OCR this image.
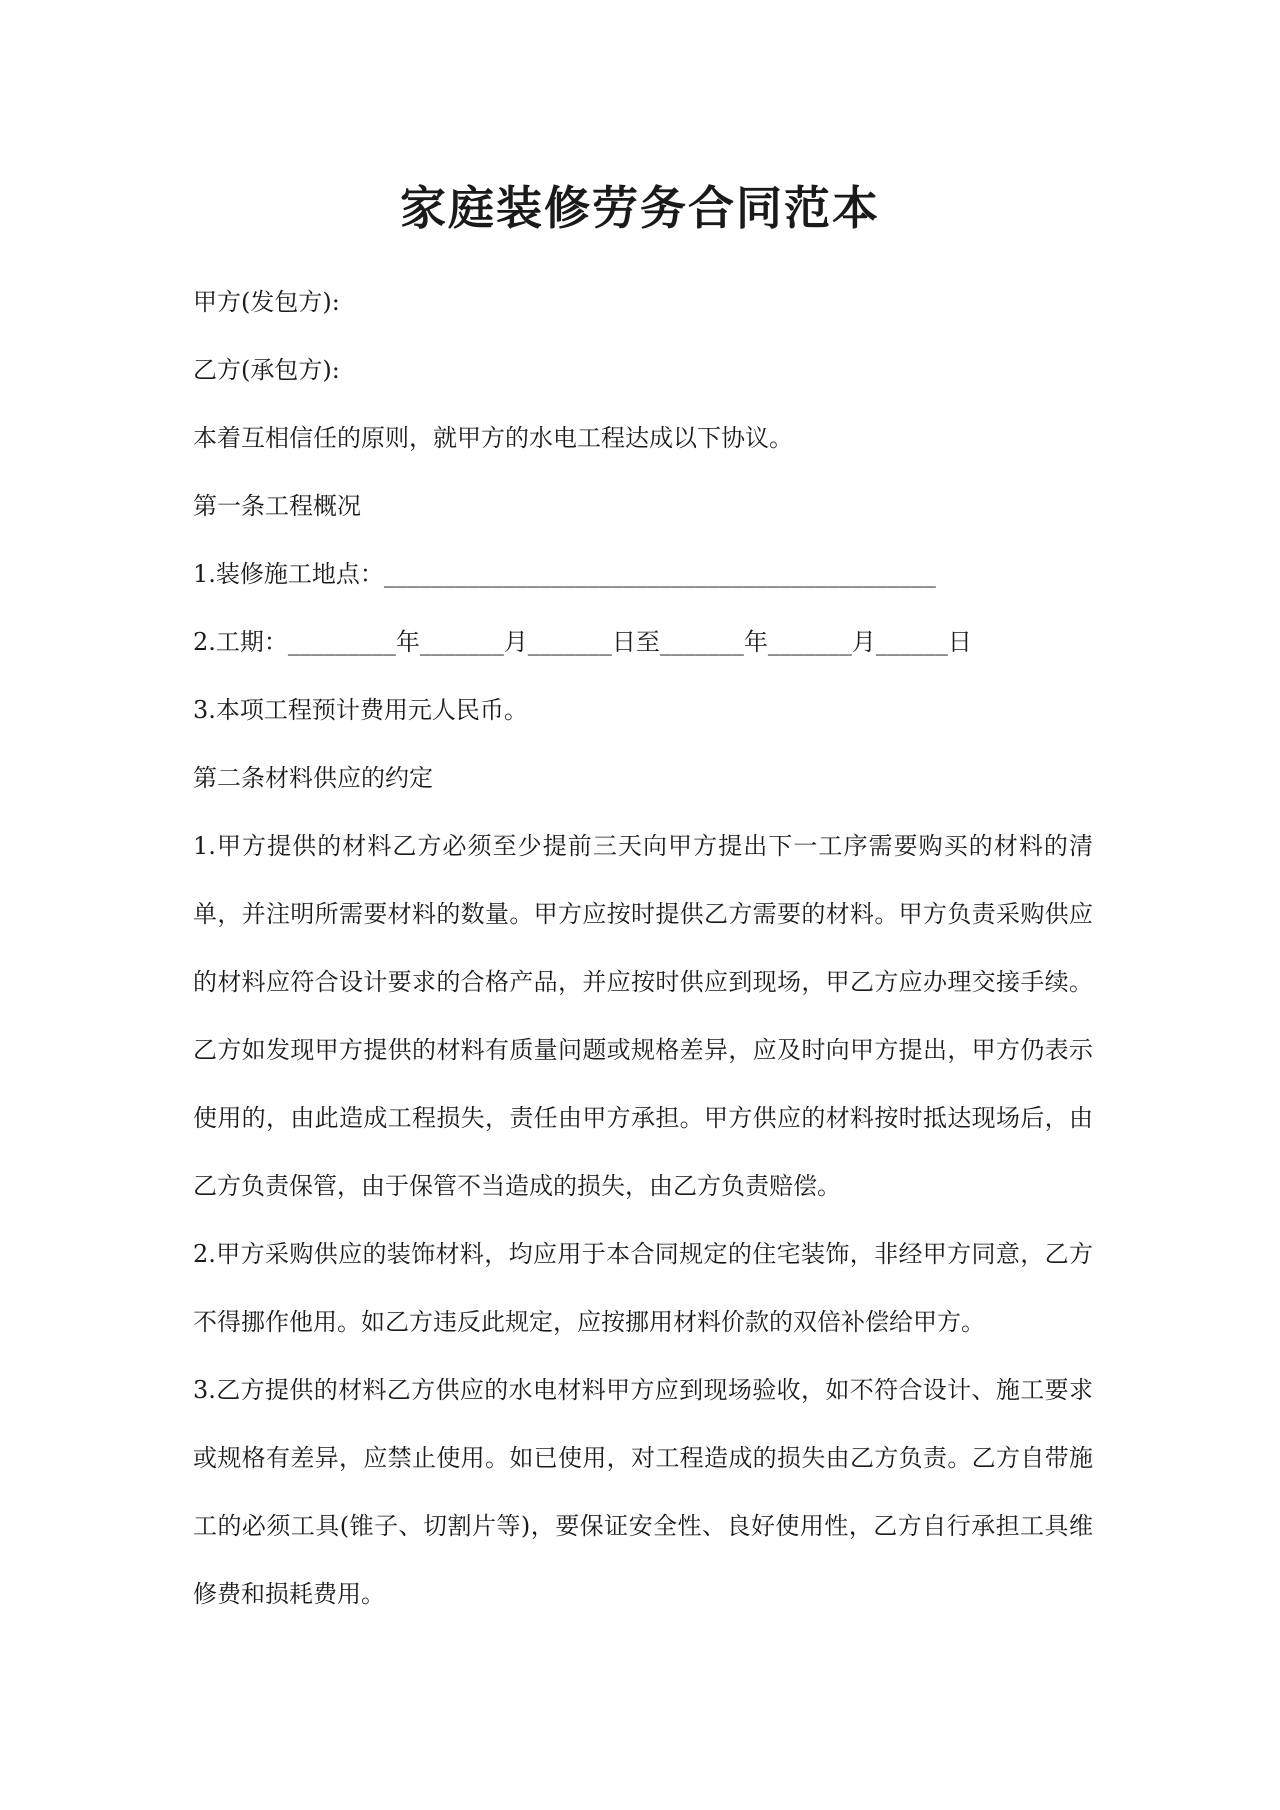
家庭装修劳务合同范本

甲方(发包方):

乙方(承包方):

本着互相信任的原则，就甲方的水电工程达成以下协议。

第一条工程概况

1.装修施工地点：______________________________________________

2.工期：_________年_______月_______日至_______年_______月______日

3.本项工程预计费用元人民币。

第二条材料供应的约定

1.甲方提供的材料乙方必须至少提前三天向甲方提出下一工序需要购买的材料的清单，并注明所需要材料的数量。甲方应按时提供乙方需要的材料。甲方负责采购供应的材料应符合设计要求的合格产品，并应按时供应到现场，甲乙方应办理交接手续。乙方如发现甲方提供的材料有质量问题或规格差异，应及时向甲方提出，甲方仍表示使用的，由此造成工程损失，责任由甲方承担。甲方供应的材料按时抵达现场后，由乙方负责保管，由于保管不当造成的损失，由乙方负责赔偿。

2.甲方采购供应的装饰材料，均应用于本合同规定的住宅装饰，非经甲方同意，乙方不得挪作他用。如乙方违反此规定，应按挪用材料价款的双倍补偿给甲方。

3.乙方提供的材料乙方供应的水电材料甲方应到现场验收，如不符合设计、施工要求或规格有差异，应禁止使用。如已使用，对工程造成的损失由乙方负责。乙方自带施工的必须工具(锥子、切割片等)，要保证安全性、良好使用性，乙方自行承担工具维修费和损耗费用。
